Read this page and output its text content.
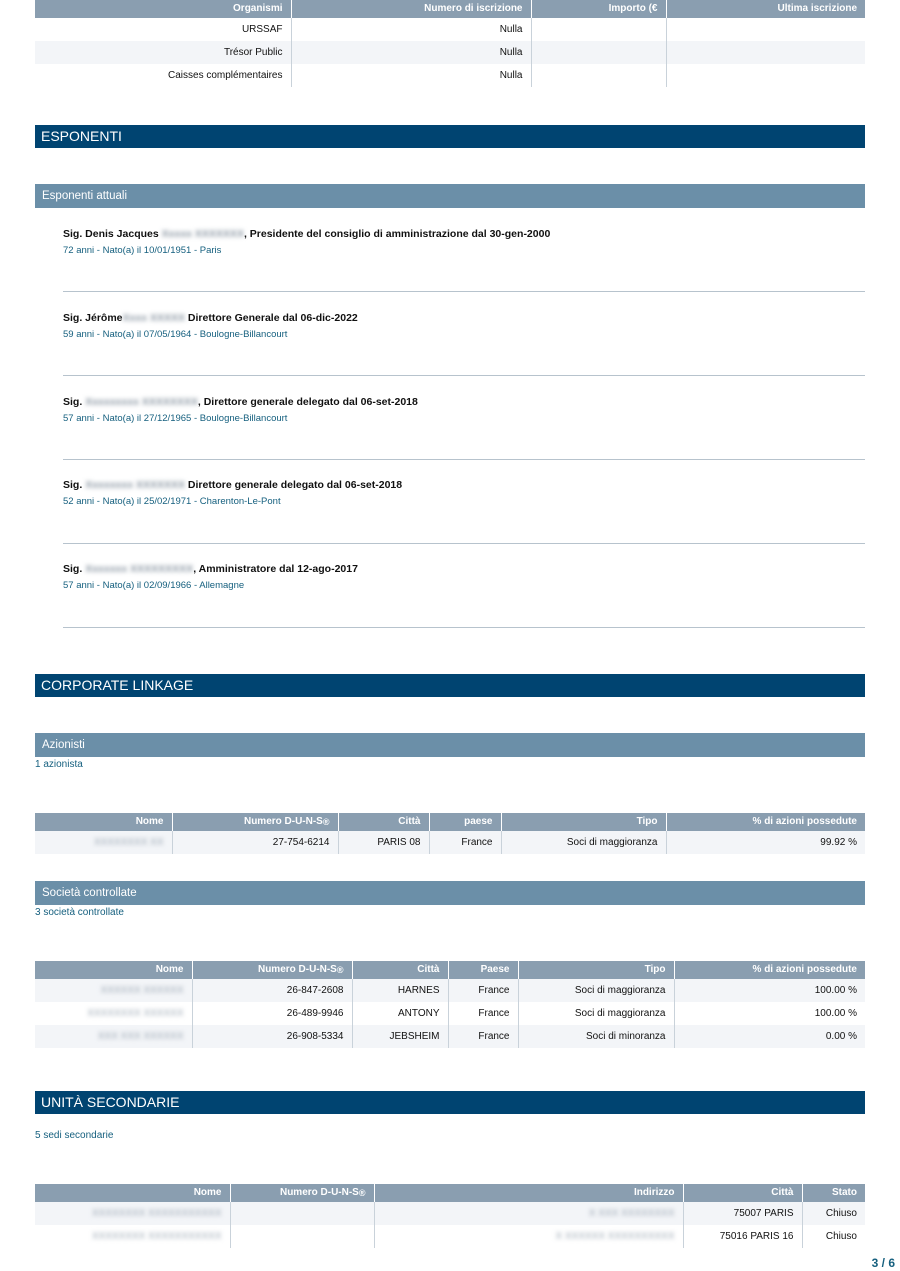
Organismi	Numero di iscrizione	Importo (€	Ultima iscrizione
URSSAF	Nulla		
Trésor Public	Nulla		
Caisses complémentaires	Nulla		
ESPONENTI
Esponenti attuali
Sig. Denis Jacques Xxxxx XXXXXXX, Presidente del consiglio di amministrazione dal 30-gen-2000
72 anni - Nato(a) il 10/01/1951 - Paris
Sig. JérômeXxxx XXXXX Direttore Generale dal 06-dic-2022
59 anni - Nato(a) il 07/05/1964 - Boulogne-Billancourt
Sig. Xxxxxxxxx XXXXXXXX, Direttore generale delegato dal 06-set-2018
57 anni - Nato(a) il 27/12/1965 - Boulogne-Billancourt
Sig. Xxxxxxxx XXXXXXX Direttore generale delegato dal 06-set-2018
52 anni - Nato(a) il 25/02/1971 - Charenton-Le-Pont
Sig. Xxxxxxx XXXXXXXXX, Amministratore dal 12-ago-2017
57 anni - Nato(a) il 02/09/1966 - Allemagne
CORPORATE LINKAGE
Azionisti
1 azionista
Nome	Numero D-U-N-S®	Città	paese	Tipo	% di azioni possedute
XXXXXXXX XX	27-754-6214	PARIS 08	France	Soci di maggioranza	99.92 %
Società controllate
3 società controllate
Nome	Numero D-U-N-S®	Città	Paese	Tipo	% di azioni possedute
XXXXXX XXXXXX	26-847-2608	HARNES	France	Soci di maggioranza	100.00 %
XXXXXXXX XXXXXX	26-489-9946	ANTONY	France	Soci di maggioranza	100.00 %
XXX XXX XXXXXX	26-908-5334	JEBSHEIM	France	Soci di minoranza	0.00 %
UNITÀ SECONDARIE
5 sedi secondarie
Nome	Numero D-U-N-S®	Indirizzo	Città	Stato
XXXXXXXX XXXXXXXXXXX		X XXX XXXXXXXX	75007 PARIS	Chiuso
XXXXXXXX XXXXXXXXXXX		X XXXXXX XXXXXXXXXX	75016 PARIS 16	Chiuso
3 / 6
